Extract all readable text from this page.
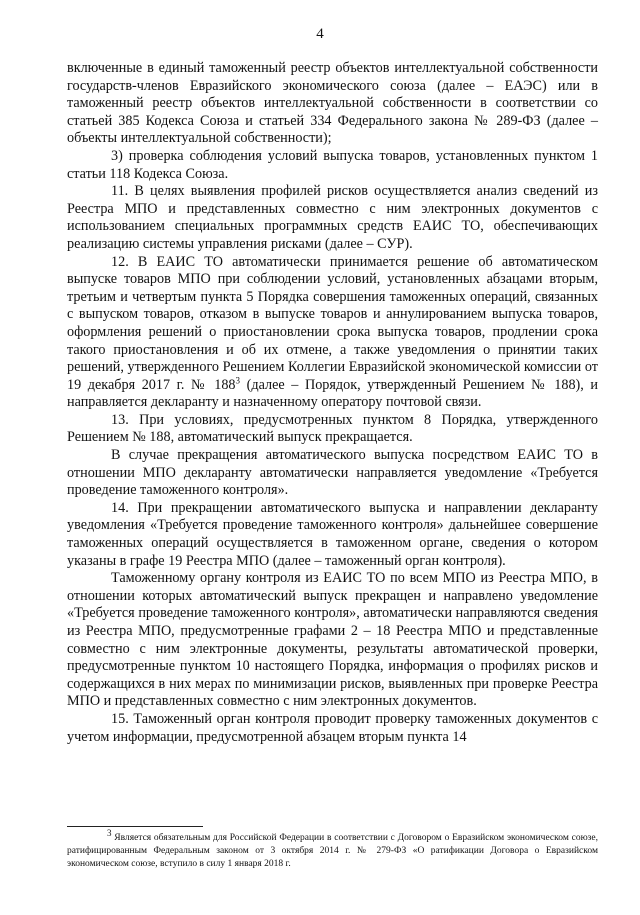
4

включенные в единый таможенный реестр объектов интеллектуальной собственности государств-членов Евразийского экономического союза (далее – ЕАЭС) или в таможенный реестр объектов интеллектуальной собственности в соответствии со статьей 385 Кодекса Союза и статьей 334 Федерального закона № 289-ФЗ (далее – объекты интеллектуальной собственности);

3) проверка соблюдения условий выпуска товаров, установленных пунктом 1 статьи 118 Кодекса Союза.

11. В целях выявления профилей рисков осуществляется анализ сведений из Реестра МПО и представленных совместно с ним электронных документов с использованием специальных программных средств ЕАИС ТО, обеспечивающих реализацию системы управления рисками (далее – СУР).

12. В ЕАИС ТО автоматически принимается решение об автоматическом выпуске товаров МПО при соблюдении условий, установленных абзацами вторым, третьим и четвертым пункта 5 Порядка совершения таможенных операций, связанных с выпуском товаров, отказом в выпуске товаров и аннулированием выпуска товаров, оформления решений о приостановлении срока выпуска товаров, продлении срока такого приостановления и об их отмене, а также уведомления о принятии таких решений, утвержденного Решением Коллегии Евразийской экономической комиссии от 19 декабря 2017 г. № $188^3$ (далее – Порядок, утвержденный Решением № 188), и направляется декларанту и назначенному оператору почтовой связи.

13. При условиях, предусмотренных пунктом 8 Порядка, утвержденного Решением № 188, автоматический выпуск прекращается.

В случае прекращения автоматического выпуска посредством ЕАИС ТО в отношении МПО декларанту автоматически направляется уведомление «Требуется проведение таможенного контроля».

14. При прекращении автоматического выпуска и направлении декларанту уведомления «Требуется проведение таможенного контроля» дальнейшее совершение таможенных операций осуществляется в таможенном органе, сведения о котором указаны в графе 19 Реестра МПО (далее – таможенный орган контроля).

Таможенному органу контроля из ЕАИС ТО по всем МПО из Реестра МПО, в отношении которых автоматический выпуск прекращен и направлено уведомление «Требуется проведение таможенного контроля», автоматически направляются сведения из Реестра МПО, предусмотренные графами 2 – 18 Реестра МПО и представленные совместно с ним электронные документы, результаты автоматической проверки, предусмотренные пунктом 10 настоящего Порядка, информация о профилях рисков и содержащихся в них мерах по минимизации рисков, выявленных при проверке Реестра МПО и представленных совместно с ним электронных документов.

15. Таможенный орган контроля проводит проверку таможенных документов с учетом информации, предусмотренной абзацем вторым пункта 14

$^3$ Является обязательным для Российской Федерации в соответствии с Договором о Евразийском экономическом союзе, ратифицированным Федеральным законом от 3 октября 2014 г. № 279-ФЗ «О ратификации Договора о Евразийском экономическом союзе, вступило в силу 1 января 2018 г.
